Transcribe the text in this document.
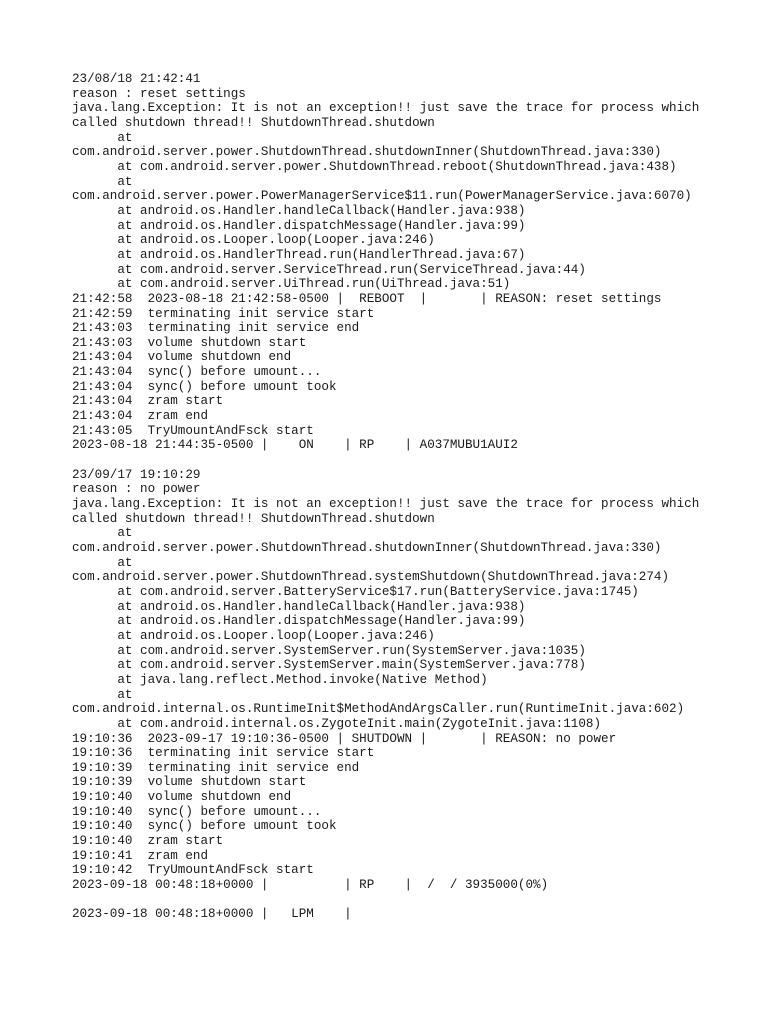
23/08/18 21:42:41
reason : reset settings
java.lang.Exception: It is not an exception!! just save the trace for process which
called shutdown thread!! ShutdownThread.shutdown
at
com.android.server.power.ShutdownThread.shutdownInner(ShutdownThread.java:330)
at com.android.server.power.ShutdownThread.reboot(ShutdownThread.java:438)
at
com.android.server.power.PowerManagerService$11.run(PowerManagerService.java:6070)
at android.os.Handler.handleCallback(Handler.java:938)
at android.os.Handler.dispatchMessage(Handler.java:99)
at android.os.Looper.loop(Looper.java:246)
at android.os.HandlerThread.run(HandlerThread.java:67)
at com.android.server.ServiceThread.run(ServiceThread.java:44)
at com.android.server.UiThread.run(UiThread.java:51)
21:42:58  2023-08-18 21:42:58-0500 |  REBOOT  |       | REASON: reset settings
21:42:59  terminating init service start
21:43:03  terminating init service end
21:43:03  volume shutdown start
21:43:04  volume shutdown end
21:43:04  sync() before umount...
21:43:04  sync() before umount took
21:43:04  zram start
21:43:04  zram end
21:43:05  TryUmountAndFsck start
2023-08-18 21:44:35-0500 |    ON    | RP    | A037MUBU1AUI2
23/09/17 19:10:29
reason : no power
java.lang.Exception: It is not an exception!! just save the trace for process which
called shutdown thread!! ShutdownThread.shutdown
at
com.android.server.power.ShutdownThread.shutdownInner(ShutdownThread.java:330)
at
com.android.server.power.ShutdownThread.systemShutdown(ShutdownThread.java:274)
at com.android.server.BatteryService$17.run(BatteryService.java:1745)
at android.os.Handler.handleCallback(Handler.java:938)
at android.os.Handler.dispatchMessage(Handler.java:99)
at android.os.Looper.loop(Looper.java:246)
at com.android.server.SystemServer.run(SystemServer.java:1035)
at com.android.server.SystemServer.main(SystemServer.java:778)
at java.lang.reflect.Method.invoke(Native Method)
at
com.android.internal.os.RuntimeInit$MethodAndArgsCaller.run(RuntimeInit.java:602)
at com.android.internal.os.ZygoteInit.main(ZygoteInit.java:1108)
19:10:36  2023-09-17 19:10:36-0500 | SHUTDOWN |       | REASON: no power
19:10:36  terminating init service start
19:10:39  terminating init service end
19:10:39  volume shutdown start
19:10:40  volume shutdown end
19:10:40  sync() before umount...
19:10:40  sync() before umount took
19:10:40  zram start
19:10:41  zram end
19:10:42  TryUmountAndFsck start
2023-09-18 00:48:18+0000 |          | RP    |  /  / 3935000(0%)
2023-09-18 00:48:18+0000 |   LPM    |
